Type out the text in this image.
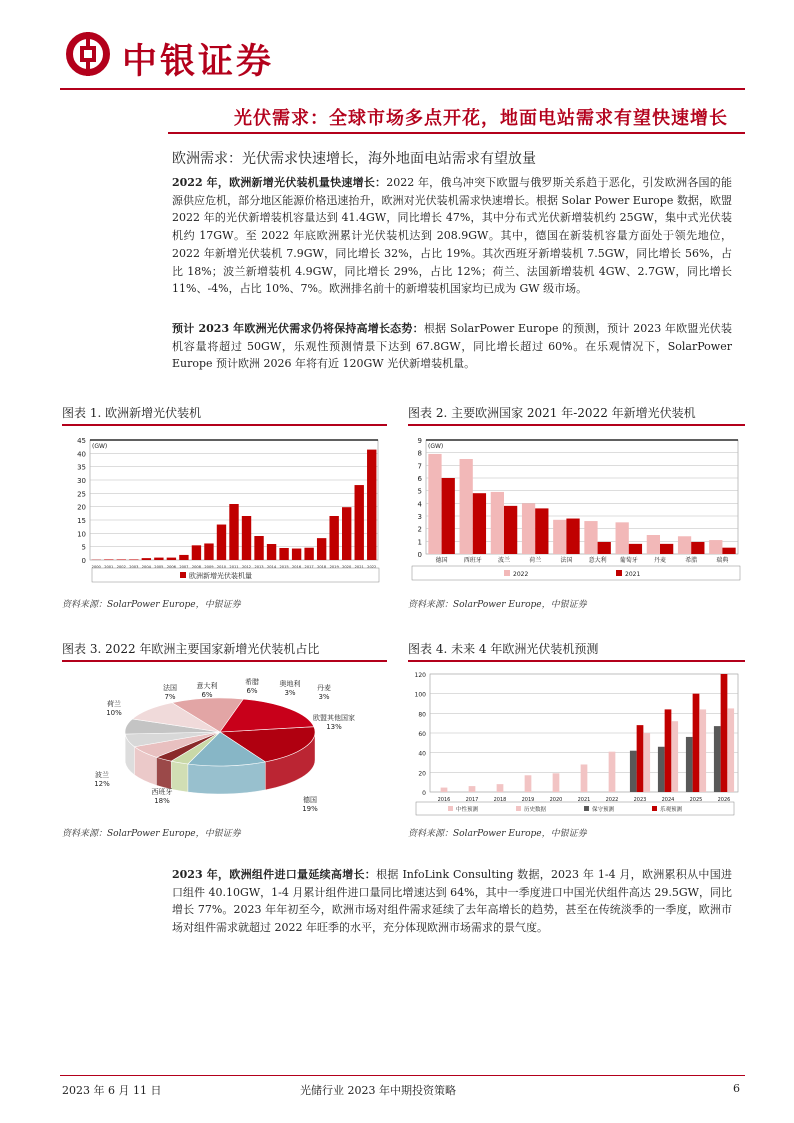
中银证券
光伏需求：全球市场多点开花，地面电站需求有望快速增长
欧洲需求：光伏需求快速增长，海外地面电站需求有望放量
2022 年，欧洲新增光伏装机量快速增长：2022 年，俄乌冲突下欧盟与俄罗斯关系趋于恶化，引发欧洲各国的能源供应危机，部分地区能源价格迅速抬升，欧洲对光伏装机需求快速增长。根据 Solar Power Europe 数据，欧盟 2022 年的光伏新增装机容量达到 41.4GW，同比增长 47%，其中分布式光伏新增装机约 25GW，集中式光伏装机约 17GW。至 2022 年底欧洲累计光伏装机达到 208.9GW。其中，德国在新装机容量方面处于领先地位，2022 年新增光伏装机 7.9GW，同比增长 32%，占比 19%。其次西班牙新增装机 7.5GW，同比增长 56%，占比 18%；波兰新增装机 4.9GW，同比增长 29%，占比 12%；荷兰、法国新增装机 4GW、2.7GW，同比增长 11%、-4%，占比 10%、7%。欧洲排名前十的新增装机国家均已成为 GW 级市场。
预计 2023 年欧洲光伏需求仍将保持高增长态势：根据 SolarPower Europe 的预测，预计 2023 年欧盟光伏装机容量将超过 50GW，乐观性预测情景下达到 67.8GW，同比增长超过 60%。在乐观情况下，SolarPower Europe 预计欧洲 2026 年将有近 120GW 光伏新增装机量。
图表 1. 欧洲新增光伏装机
0
5
10
15
20
25
30
35
40
45
(GW)
2000 2001 2002 2003 2004 2005 2006 2007 2008 2009 2010 2011 2012 2013 2014 2015 2016 2017 2018 2019 2020 2021 2022
欧洲新增光伏装机量
资料来源：SolarPower Europe，中银证券
图表 2. 主要欧洲国家 2021 年-2022 年新增光伏装机
0
1
2
3
4
5
6
7
8
9
(GW)
德国	西班牙	波兰	荷兰	法国	意大利 葡萄牙	丹麦	希腊	瑞典
2022	2021
资料来源：SolarPower Europe，中银证券
图表 3. 2022 年欧洲主要国家新增光伏装机占比
德国
19%
欧盟其他国家
13%
奥地利
3%
丹麦
3%
希腊
6%
意大利
6%
法国
7%
荷兰
10%
波兰
12%
西班牙
18%
资料来源：SolarPower Europe，中银证券
图表 4. 未来 4 年欧洲光伏装机预测
0
20
40
60
80
100
120
2016	2017	2018	2019	2020	2021	2022	2023	2024	2025	2026
中性预测	历史数据	保守预测	乐观预测
资料来源：SolarPower Europe，中银证券
2023 年，欧洲组件进口量延续高增长：根据 InfoLink Consulting 数据，2023 年 1-4 月，欧洲累积从中国进口组件 40.10GW，1-4 月累计组件进口量同比增速达到 64%，其中一季度进口中国光伏组件高达 29.5GW，同比增长 77%。2023 年年初至今，欧洲市场对组件需求延续了去年高增长的趋势，甚至在传统淡季的一季度，欧洲市场对组件需求就超过 2022 年旺季的水平，充分体现欧洲市场需求的景气度。
2023 年 6 月 11 日	光储行业 2023 年中期投资策略	6
